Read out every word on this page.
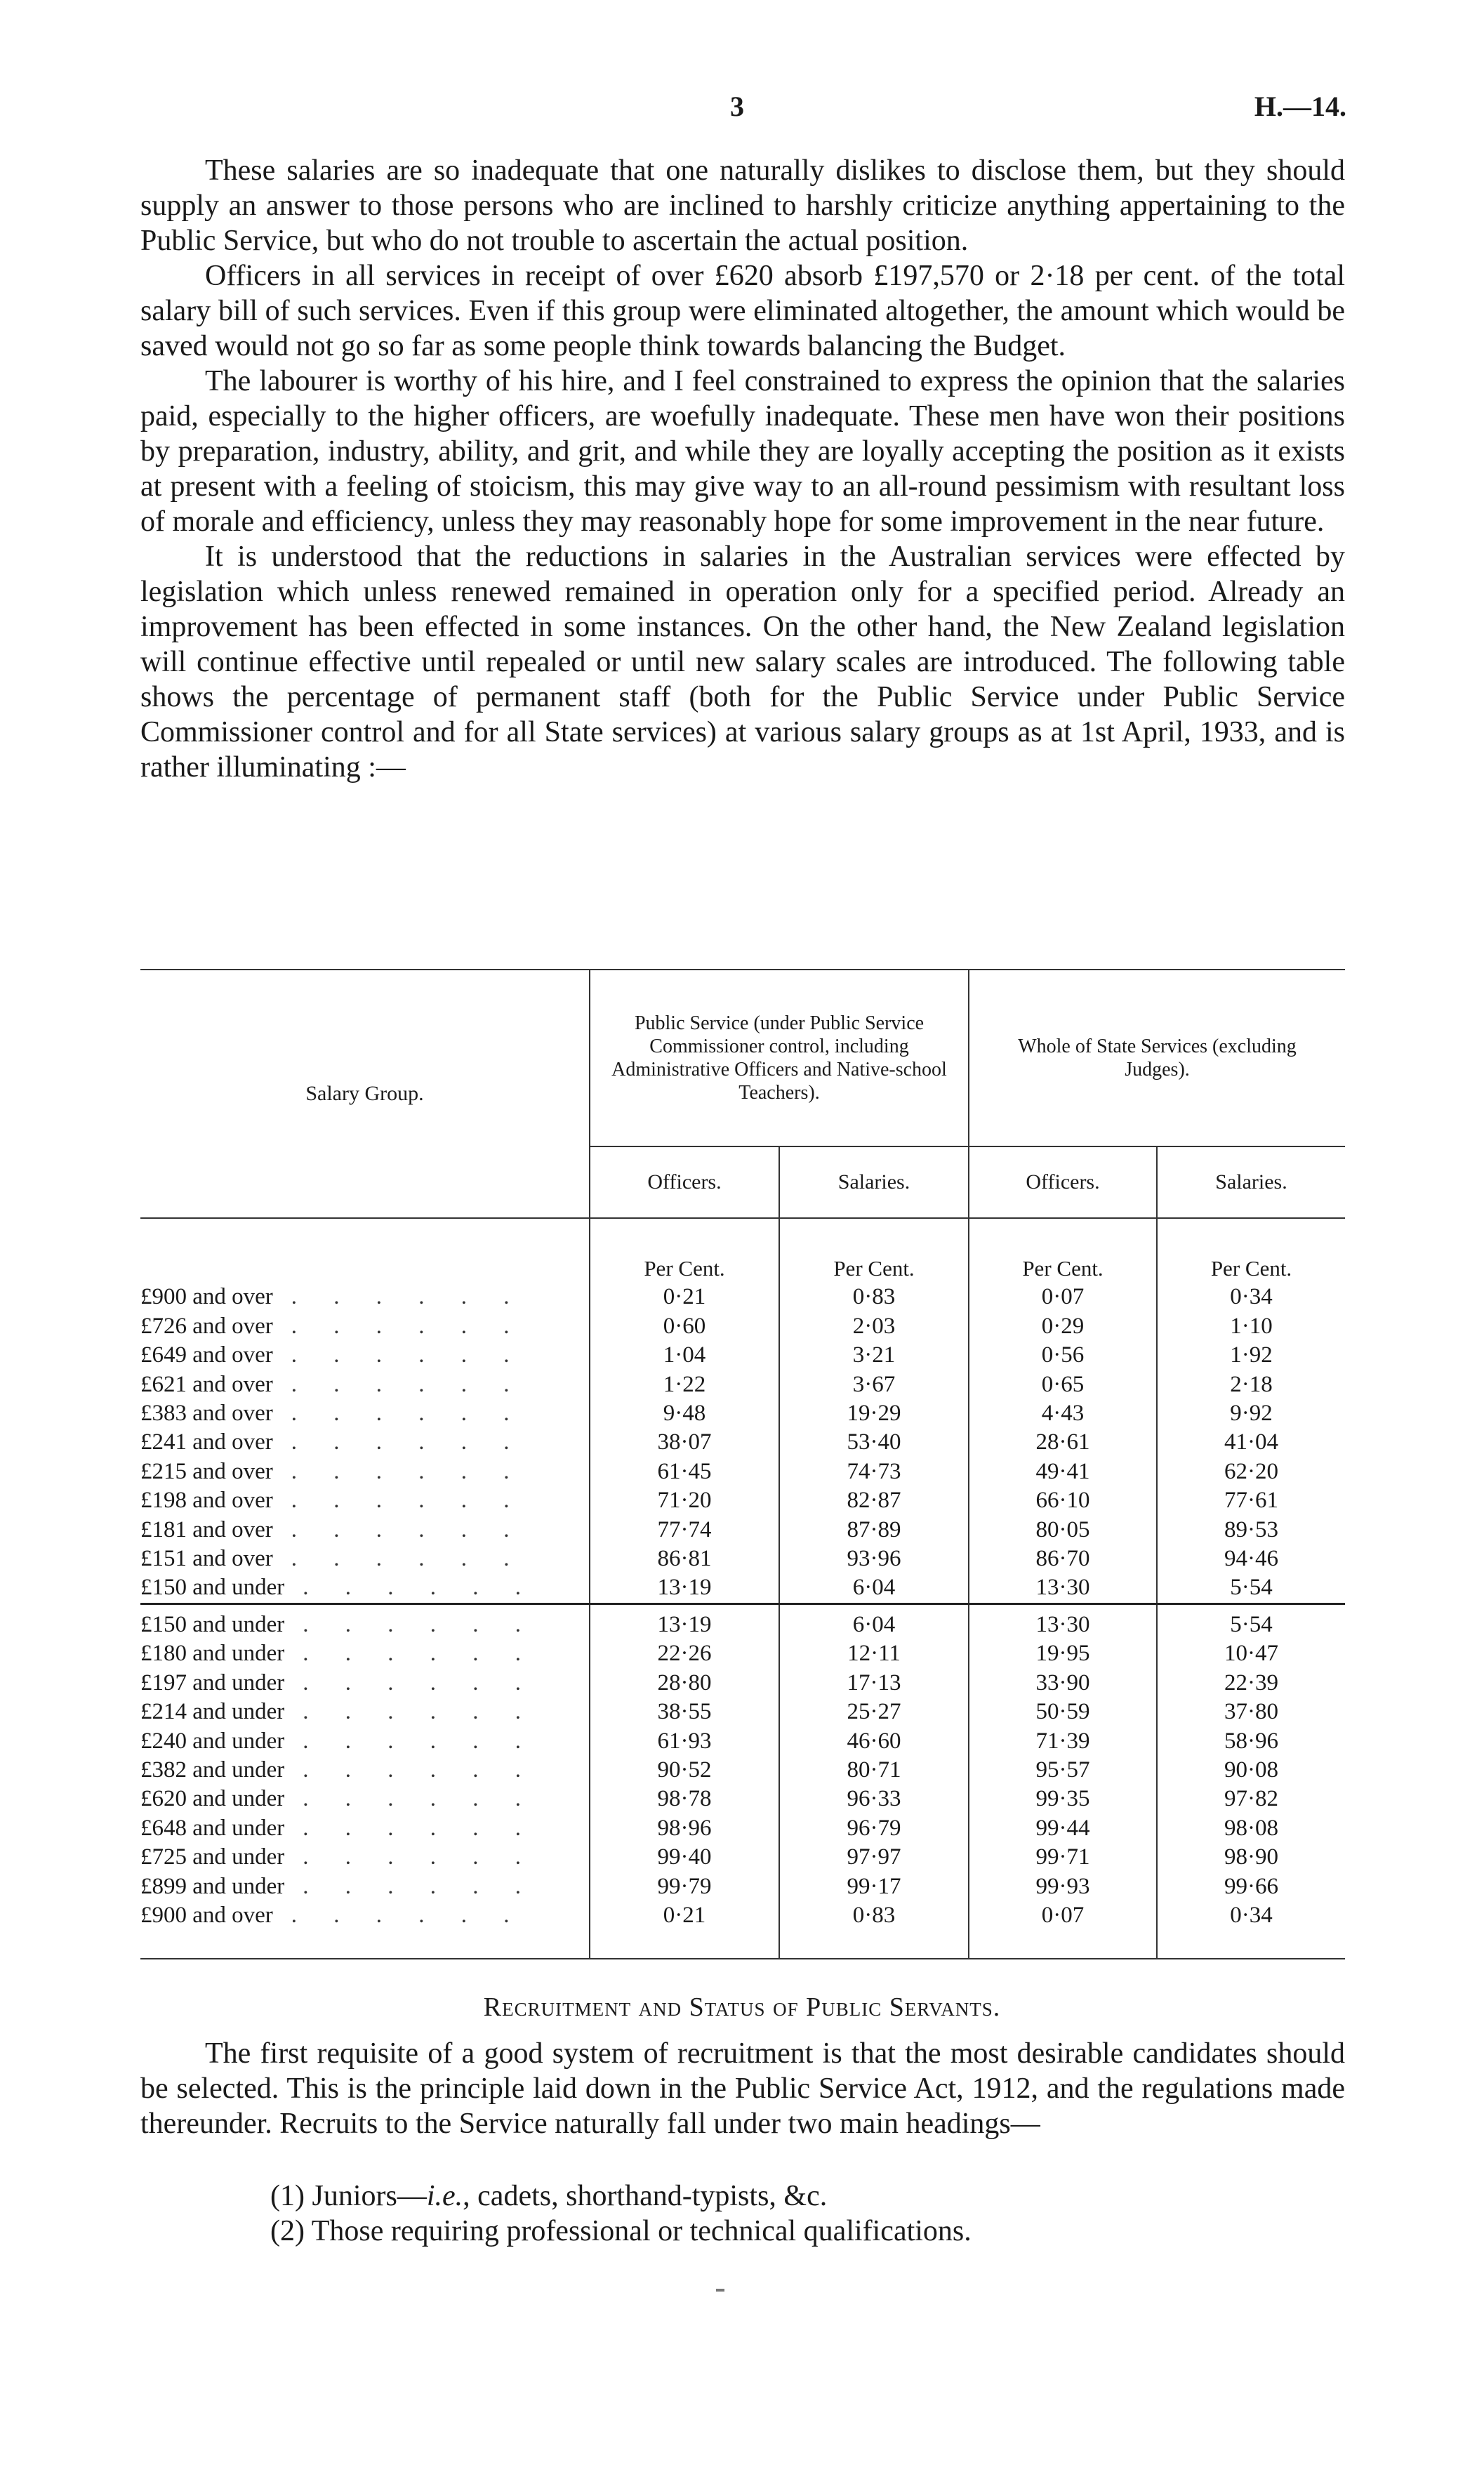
3	H.—14.

These salaries are so inadequate that one naturally dislikes to disclose them, but they should supply an answer to those persons who are inclined to harshly criticize anything appertaining to the Public Service, but who do not trouble to ascertain the actual position.

Officers in all services in receipt of over £620 absorb £197,570 or 2·18 per cent. of the total salary bill of such services. Even if this group were eliminated altogether, the amount which would be saved would not go so far as some people think towards balancing the Budget.

The labourer is worthy of his hire, and I feel constrained to express the opinion that the salaries paid, especially to the higher officers, are woefully inadequate. These men have won their positions by preparation, industry, ability, and grit, and while they are loyally accepting the position as it exists at present with a feeling of stoicism, this may give way to an all-round pessimism with resultant loss of morale and efficiency, unless they may reasonably hope for some improvement in the near future.

It is understood that the reductions in salaries in the Australian services were effected by legislation which unless renewed remained in operation only for a specified period. Already an improvement has been effected in some instances. On the other hand, the New Zealand legislation will continue effective until repealed or until new salary scales are introduced. The following table shows the percentage of permanent staff (both for the Public Service under Public Service Commissioner control and for all State services) at various salary groups as at 1st April, 1933, and is rather illuminating :—

Salary Group.	Public Service (under Public Service Commissioner control, including Administrative Officers and Native-school Teachers).		Whole of State Services (excluding Judges).	
	Officers.	Salaries.	Officers.	Salaries.
	Per Cent.	Per Cent.	Per Cent.	Per Cent.
£900 and over . . . . . .	0·21	0·83	0·07	0·34
£726 and over . . . . . .	0·60	2·03	0·29	1·10
£649 and over . . . . . .	1·04	3·21	0·56	1·92
£621 and over . . . . . .	1·22	3·67	0·65	2·18
£383 and over . . . . . .	9·48	19·29	4·43	9·92
£241 and over . . . . . .	38·07	53·40	28·61	41·04
£215 and over . . . . . .	61·45	74·73	49·41	62·20
£198 and over . . . . . .	71·20	82·87	66·10	77·61
£181 and over . . . . . .	77·74	87·89	80·05	89·53
£151 and over . . . . . .	86·81	93·96	86·70	94·46
£150 and under . . . . . .	13·19	6·04	13·30	5·54
£150 and under . . . . . .	13·19	6·04	13·30	5·54
£180 and under . . . . . .	22·26	12·11	19·95	10·47
£197 and under . . . . . .	28·80	17·13	33·90	22·39
£214 and under . . . . . .	38·55	25·27	50·59	37·80
£240 and under . . . . . .	61·93	46·60	71·39	58·96
£382 and under . . . . . .	90·52	80·71	95·57	90·08
£620 and under . . . . . .	98·78	96·33	99·35	97·82
£648 and under . . . . . .	98·96	96·79	99·44	98·08
£725 and under . . . . . .	99·40	97·97	99·71	98·90
£899 and under . . . . . .	99·79	99·17	99·93	99·66
£900 and over . . . . . .	0·21	0·83	0·07	0·34

Recruitment and Status of Public Servants.

The first requisite of a good system of recruitment is that the most desirable candidates should be selected. This is the principle laid down in the Public Service Act, 1912, and the regulations made thereunder. Recruits to the Service naturally fall under two main headings—

(1) Juniors—i.e., cadets, shorthand-typists, &c.
(2) Those requiring professional or technical qualifications.
